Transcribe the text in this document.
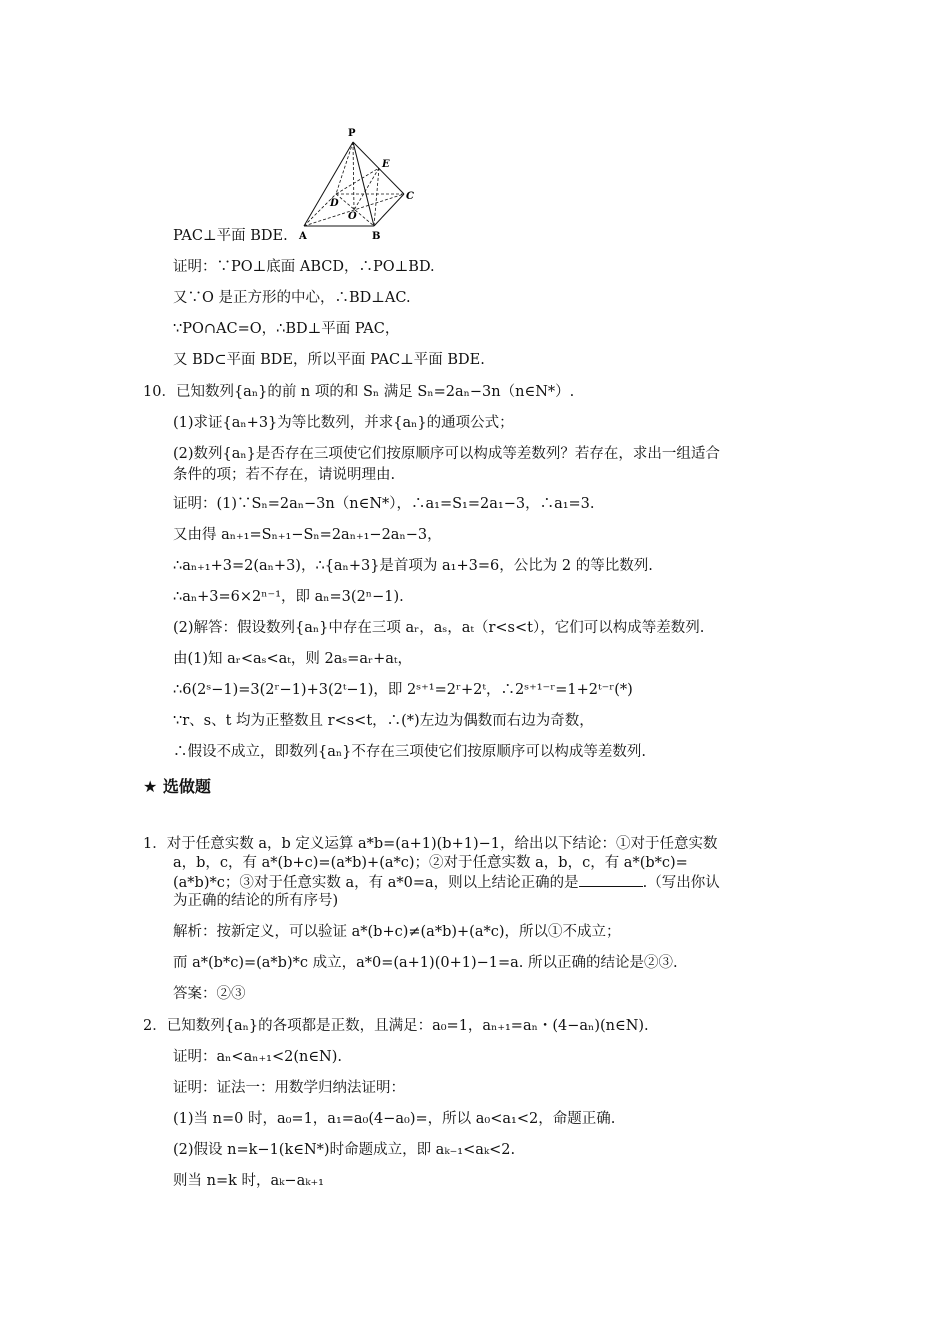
P
E
C
D
O
A	B
PAC⊥平面 BDE.
证明：∵PO⊥底面 ABCD，∴PO⊥BD.
又∵O 是正方形的中心，∴BD⊥AC.
∵PO∩AC=O，∴BD⊥平面 PAC，
又 BD⊂平面 BDE，所以平面 PAC⊥平面 BDE.
10．已知数列{aₙ}的前 n 项的和 Sₙ 满足 Sₙ=2aₙ−3n（n∈N*）.
(1)求证{aₙ+3}为等比数列，并求{aₙ}的通项公式；
(2)数列{aₙ}是否存在三项使它们按原顺序可以构成等差数列？若存在，求出一组适合
条件的项；若不存在，请说明理由.
证明：(1)∵Sₙ=2aₙ−3n（n∈N*），∴a₁=S₁=2a₁−3，∴a₁=3.
又由得 aₙ₊₁=Sₙ₊₁−Sₙ=2aₙ₊₁−2aₙ−3，
∴aₙ₊₁+3=2(aₙ+3)，∴{aₙ+3}是首项为 a₁+3=6，公比为 2 的等比数列.
∴aₙ+3=6×2ⁿ⁻¹，即 aₙ=3(2ⁿ−1).
(2)解答：假设数列{aₙ}中存在三项 aᵣ，aₛ，aₜ（r<s<t），它们可以构成等差数列.
由(1)知 aᵣ<aₛ<aₜ，则 2aₛ=aᵣ+aₜ，
∴6(2ˢ−1)=3(2ʳ−1)+3(2ᵗ−1)，即 2ˢ⁺¹=2ʳ+2ᵗ，∴2ˢ⁺¹⁻ʳ=1+2ᵗ⁻ʳ(*)
∵r、s、t 均为正整数且 r<s<t，∴(*)左边为偶数而右边为奇数，
∴假设不成立，即数列{aₙ}不存在三项使它们按原顺序可以构成等差数列.
★ 选做题
1．对于任意实数 a，b 定义运算 a*b=(a+1)(b+1)−1，给出以下结论：①对于任意实数
a，b，c，有 a*(b+c)=(a*b)+(a*c)；②对于任意实数 a，b，c，有 a*(b*c)=
(a*b)*c；③对于任意实数 a，有 a*0=a，则以上结论正确的是	.（写出你认
为正确的结论的所有序号)
解析：按新定义，可以验证 a*(b+c)≠(a*b)+(a*c)，所以①不成立；
而 a*(b*c)=(a*b)*c 成立，a*0=(a+1)(0+1)−1=a. 所以正确的结论是②③.
答案：②③
2．已知数列{aₙ}的各项都是正数，且满足：a₀=1，aₙ₊₁=aₙ・(4−aₙ)(n∈N).
证明：aₙ<aₙ₊₁<2(n∈N).
证明：证法一：用数学归纳法证明：
(1)当 n=0 时，a₀=1，a₁=a₀(4−a₀)=，所以 a₀<a₁<2，命题正确.
(2)假设 n=k−1(k∈N*)时命题成立，即 aₖ₋₁<aₖ<2.
则当 n=k 时，aₖ−aₖ₊₁
